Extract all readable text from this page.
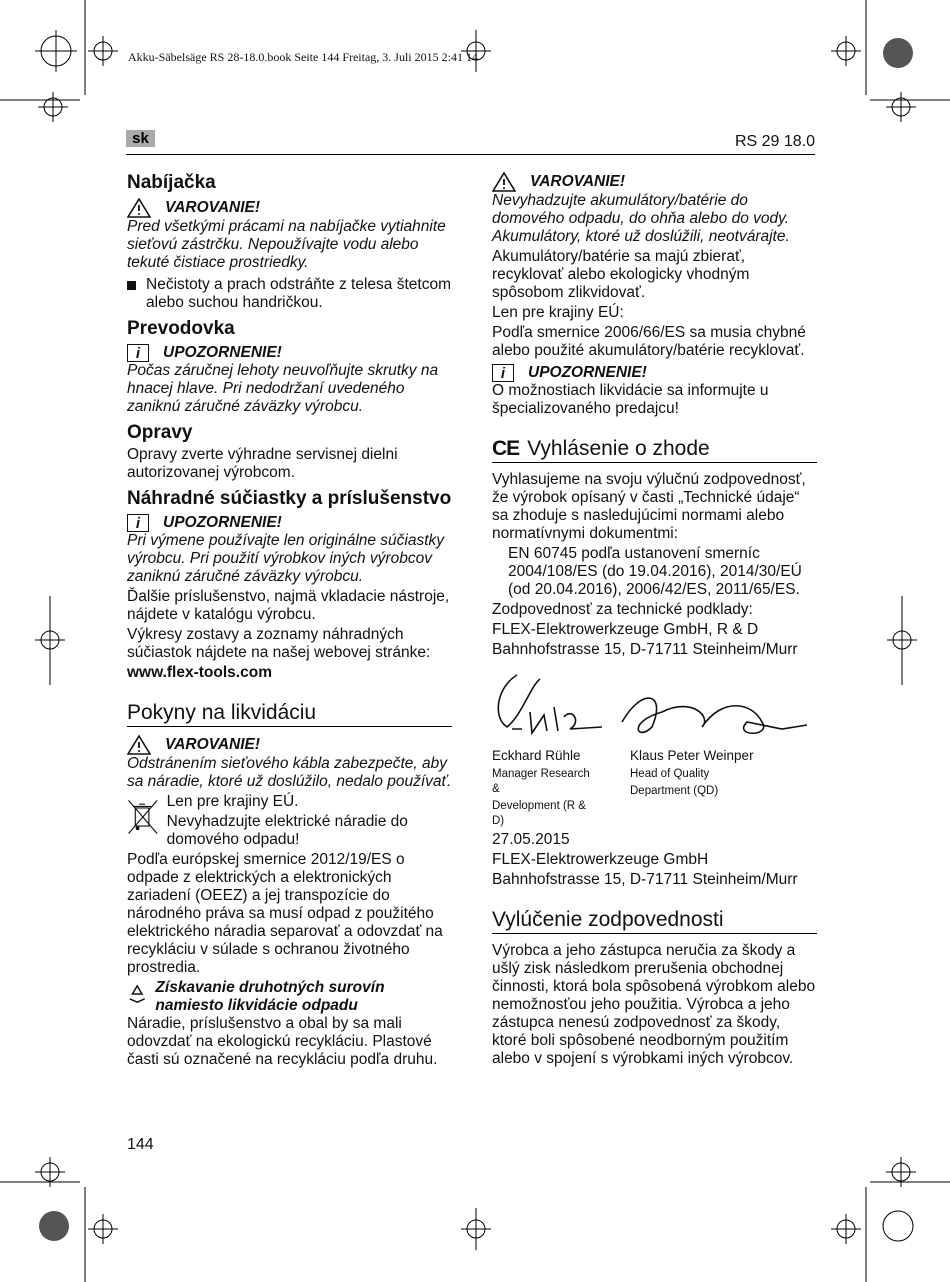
Akku-Säbelsäge RS 28-18.0.book Seite 144 Freitag, 3. Juli 2015 2:41 14
sk	RS 29 18.0
Nabíjačka
VAROVANIE!

Pred všetkými prácami na nabíjačke vytiahnite sieťovú zástrčku. Nepoužívajte vodu alebo tekuté čistiace prostriedky.

Nečistoty a prach odstráňte z telesa štetcom alebo suchou handričkou.
Prevodovka
i	UPOZORNENIE!

Počas záručnej lehoty neuvoľňujte skrutky na hnacej hlave. Pri nedodržaní uvedeného zaniknú záručné záväzky výrobcu.

Opravy

Opravy zverte výhradne servisnej dielni autorizovanej výrobcom.

Náhradné súčiastky a príslušenstvo
i	UPOZORNENIE!

Pri výmene používajte len originálne súčiastky výrobcu. Pri použití výrobkov iných výrobcov zaniknú záručné záväzky výrobcu.

Ďalšie príslušenstvo, najmä vkladacie nástroje, nájdete v katalógu výrobcu.

Výkresy zostavy a zoznamy náhradných súčiastok nájdete na našej webovej stránke:

www.flex-tools.com

Pokyny na likvidáciu
VAROVANIE!

Odstránením sieťového kábla zabezpečte, aby sa náradie, ktoré už doslúžilo, nedalo používať.

Len pre krajiny EÚ.

Nevyhadzujte elektrické náradie do domového odpadu!

Podľa európskej smernice 2012/19/ES o odpade z elektrických a elektronických zariadení (OEEZ) a jej transpozície do národného práva sa musí odpad z použitého elektrického náradia separovať a odovzdať na recykláciu v súlade s ochranou životného prostredia.

Získavanie druhotných surovín namiesto likvidácie odpadu

Náradie, príslušenstvo a obal by sa mali odovzdať na ekologickú recykláciu. Plastové časti sú označené na recykláciu podľa druhu.

144
VAROVANIE!

Nevyhadzujte akumulátory/batérie do domového odpadu, do ohňa alebo do vody. Akumulátory, ktoré už doslúžili, neotvárajte.

Akumulátory/batérie sa majú zbierať, recyklovať alebo ekologicky vhodným spôsobom zlikvidovať.

Len pre krajiny EÚ:

Podľa smernice 2006/66/ES sa musia chybné alebo použité akumulátory/batérie recyklovať.

i	UPOZORNENIE!

O možnostiach likvidácie sa informujte u špecializovaného predajcu!

CE Vyhlásenie o zhode

Vyhlasujeme na svoju výlučnú zodpovednosť, že výrobok opísaný v časti „Technické údaje“ sa zhoduje s nasledujúcimi normami alebo normatívnymi dokumentmi:

EN 60745 podľa ustanovení smerníc 2004/108/ES (do 19.04.2016), 2014/30/EÚ (od 20.04.2016), 2006/42/ES, 2011/65/ES.

Zodpovednosť za technické podklady:

FLEX-Elektrowerkzeuge GmbH, R & D

Bahnhofstrasse 15, D-71711 Steinheim/Murr

Eckhard Rühle

Manager Research &

Development (R & D)

Klaus Peter Weinper

Head of Quality

Department (QD)

27.05.2015

FLEX-Elektrowerkzeuge GmbH

Bahnhofstrasse 15, D-71711 Steinheim/Murr

Vylúčenie zodpovednosti

Výrobca a jeho zástupca neručia za škody a ušlý zisk následkom prerušenia obchodnej činnosti, ktorá bola spôsobená výrobkom alebo nemožnosťou jeho použitia. Výrobca a jeho zástupca nenesú zodpovednosť za škody, ktoré boli spôsobené neodborným použitím alebo v spojení s výrobkami iných výrobcov.
